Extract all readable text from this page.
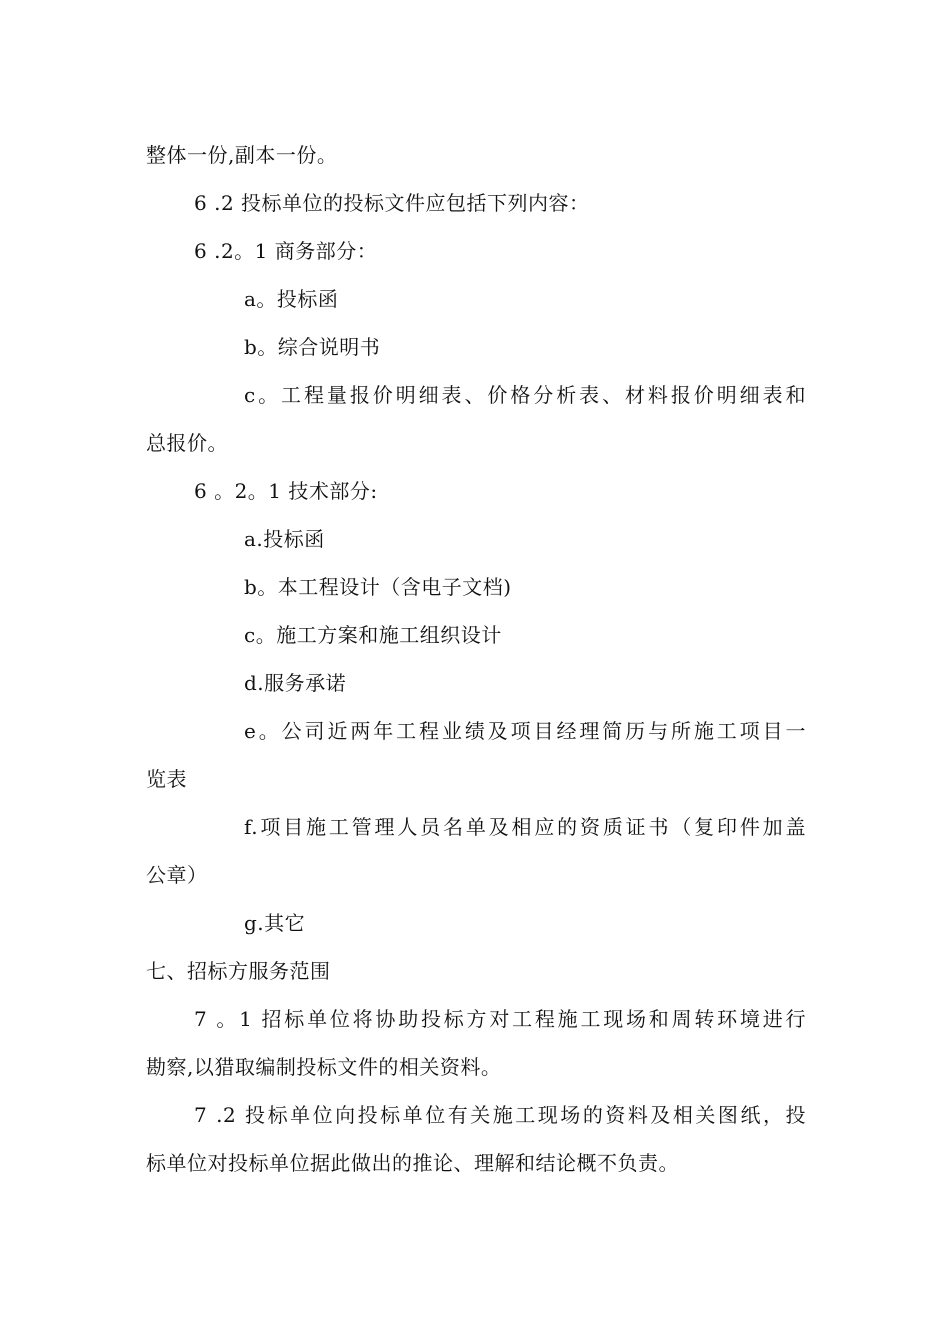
整体一份,副本一份。
6 .2 投标单位的投标文件应包括下列内容：
6 .2。1 商务部分：
a。投标函
b。综合说明书
c。工程量报价明细表、价格分析表、材料报价明细表和
总报价。
6 。2。1 技术部分:
a.投标函
b。本工程设计（含电子文档)
c。施工方案和施工组织设计
d.服务承诺
e。公司近两年工程业绩及项目经理简历与所施工项目一
览表
f.项目施工管理人员名单及相应的资质证书（复印件加盖
公章）
g.其它
七、招标方服务范围
7 。1 招标单位将协助投标方对工程施工现场和周转环境进行
勘察,以猎取编制投标文件的相关资料。
7 .2 投标单位向投标单位有关施工现场的资料及相关图纸，投
标单位对投标单位据此做出的推论、理解和结论概不负责。
